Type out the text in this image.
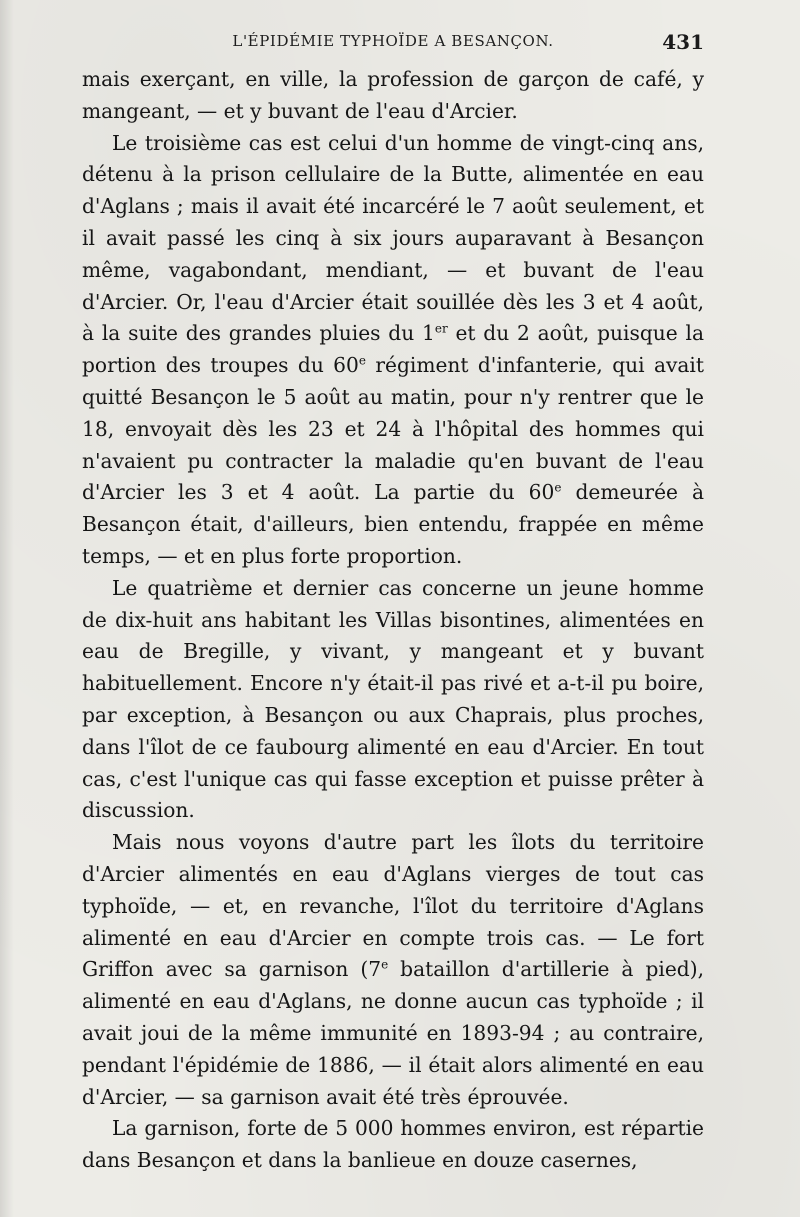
L'ÉPIDÉMIE TYPHOÏDE A BESANÇON.	431

mais exerçant, en ville, la profession de garçon de café, y mangeant, — et y buvant de l'eau d'Arcier.

Le troisième cas est celui d'un homme de vingt-cinq ans, détenu à la prison cellulaire de la Butte, alimentée en eau d'Aglans ; mais il avait été incarcéré le 7 août seulement, et il avait passé les cinq à six jours auparavant à Besançon même, vagabondant, mendiant, — et buvant de l'eau d'Arcier. Or, l'eau d'Arcier était souillée dès les 3 et 4 août, à la suite des grandes pluies du 1er et du 2 août, puisque la portion des troupes du 60e régiment d'infanterie, qui avait quitté Besançon le 5 août au matin, pour n'y rentrer que le 18, envoyait dès les 23 et 24 à l'hôpital des hommes qui n'avaient pu contracter la maladie qu'en buvant de l'eau d'Arcier les 3 et 4 août. La partie du 60e demeurée à Besançon était, d'ailleurs, bien entendu, frappée en même temps, — et en plus forte proportion.

Le quatrième et dernier cas concerne un jeune homme de dix-huit ans habitant les Villas bisontines, alimentées en eau de Bregille, y vivant, y mangeant et y buvant habituellement. Encore n'y était-il pas rivé et a-t-il pu boire, par exception, à Besançon ou aux Chaprais, plus proches, dans l'îlot de ce faubourg alimenté en eau d'Arcier. En tout cas, c'est l'unique cas qui fasse exception et puisse prêter à discussion.

Mais nous voyons d'autre part les îlots du territoire d'Arcier alimentés en eau d'Aglans vierges de tout cas typhoïde, — et, en revanche, l'îlot du territoire d'Aglans alimenté en eau d'Arcier en compte trois cas. — Le fort Griffon avec sa garnison (7e bataillon d'artillerie à pied), alimenté en eau d'Aglans, ne donne aucun cas typhoïde ; il avait joui de la même immunité en 1893-94 ; au contraire, pendant l'épidémie de 1886, — il était alors alimenté en eau d'Arcier, — sa garnison avait été très éprouvée.

La garnison, forte de 5 000 hommes environ, est répartie dans Besançon et dans la banlieue en douze casernes,
